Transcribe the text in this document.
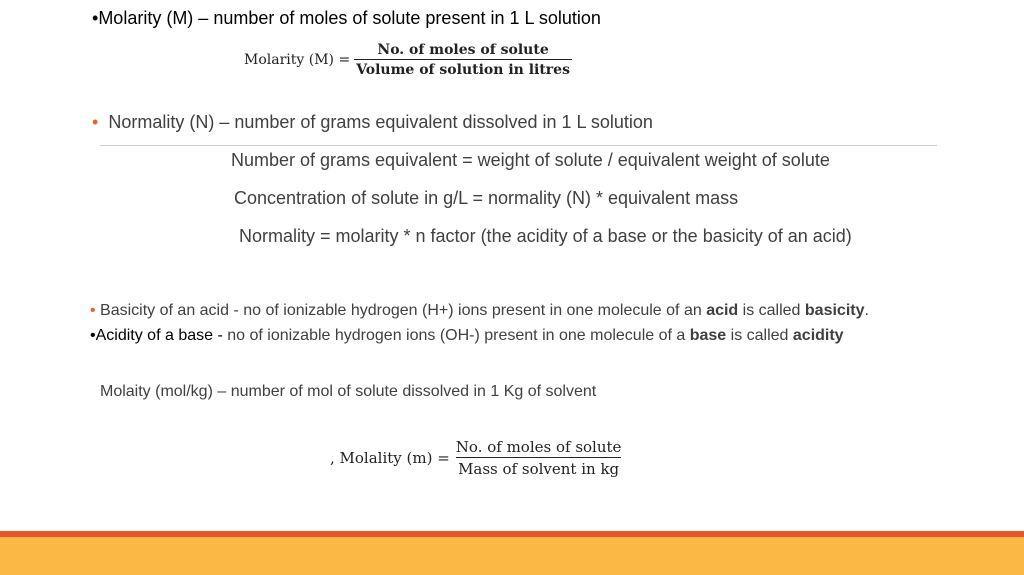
•Molarity (M) – number of moles of solute present in 1 L solution
Molarity $(M) = \frac{\text{No. of moles of solute}}{\text{Volume of solution in litres}}$
• Normality (N) – number of grams equivalent dissolved in 1 L solution
Number of grams equivalent = weight of solute / equivalent weight of solute
Concentration of solute in g/L = normality (N) * equivalent mass
Normality = molarity * n factor (the acidity of a base or the basicity of an acid)
• Basicity of an acid - no of ionizable hydrogen (H+) ions present in one molecule of an acid is called basicity.
•Acidity of a base - no of ionizable hydrogen ions (OH-) present in one molecule of a base is called acidity
Molaity (mol/kg) – number of mol of solute dissolved in 1 Kg of solvent
, Molality $(m) = \frac{\text{No. of moles of solute}}{\text{Mass of solvent in kg}}$
